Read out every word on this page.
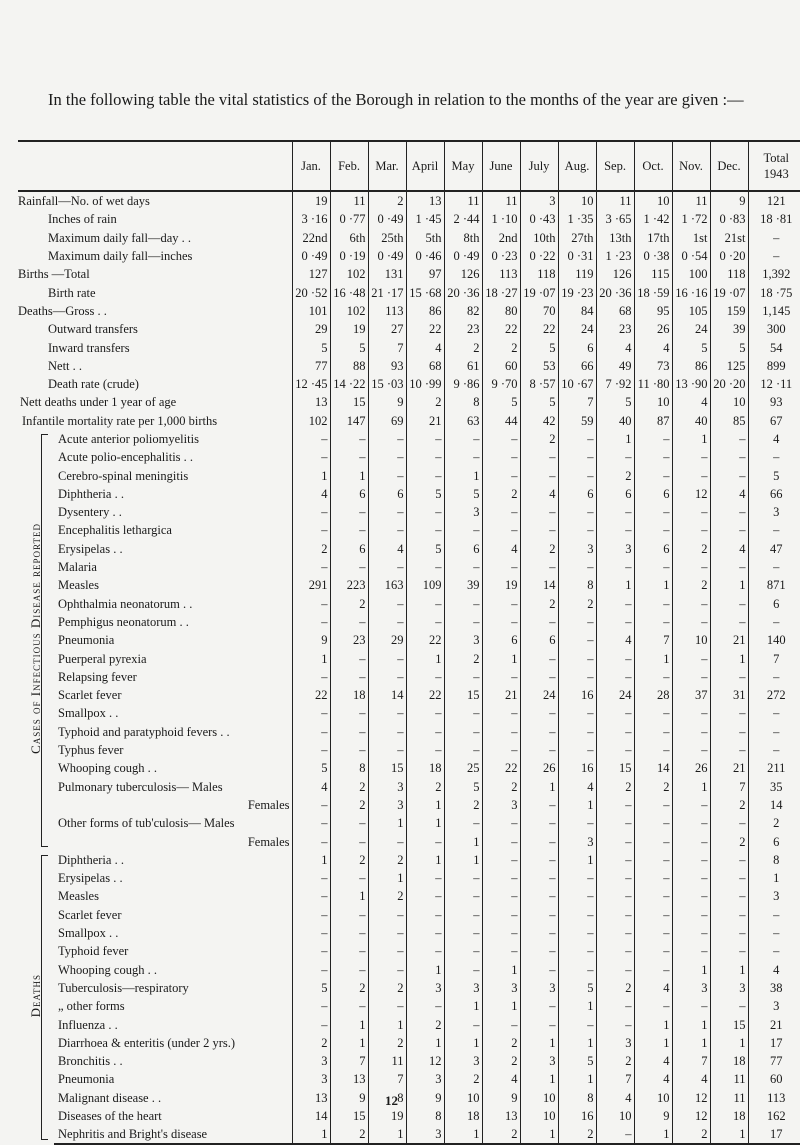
In the following table the vital statistics of the Borough in relation to the months of the year are given :—
		Jan.	Feb.	Mar.	April	May	June	July	Aug.	Sep.	Oct.	Nov.	Dec.	Total
1943

Rainfall—No. of wet days		19	11	2	13	11	11	3	10	11	10	11	9	121
Inches of rain		3 ·16	0 ·77	0 ·49	1 ·45	2 ·44	1 ·10	0 ·43	1 ·35	3 ·65	1 ·42	1 ·72	0 ·83	18 ·81
Maximum daily fall—day . .		22nd	6th	25th	5th	8th	2nd	10th	27th	13th	17th	1st	21st	–
Maximum daily fall—inches		0 ·49	0 ·19	0 ·49	0 ·46	0 ·49	0 ·23	0 ·22	0 ·31	1 ·23	0 ·38	0 ·54	0 ·20	–
Births —Total		127	102	131	97	126	113	118	119	126	115	100	118	1,392
Birth rate		20 ·52	16 ·48	21 ·17	15 ·68	20 ·36	18 ·27	19 ·07	19 ·23	20 ·36	18 ·59	16 ·16	19 ·07	18 ·75
Deaths—Gross . .		101	102	113	86	82	80	70	84	68	95	105	159	1,145
Outward transfers		29	19	27	22	23	22	22	24	23	26	24	39	300
Inward transfers		5	5	7	4	2	2	5	6	4	4	5	5	54
Nett . .		77	88	93	68	61	60	53	66	49	73	86	125	899
Death rate (crude)		12 ·45	14 ·22	15 ·03	10 ·99	9 ·86	9 ·70	8 ·57	10 ·67	7 ·92	11 ·80	13 ·90	20 ·20	12 ·11
Nett deaths under 1 year of age		13	15	9	2	8	5	5	7	5	10	4	10	93
Infantile mortality rate per 1,000 births		102	147	69	21	63	44	42	59	40	87	40	85	67

Cases of Infectious Disease reported	Acute anterior poliomyelitis	–	–	–	–	–	–	2	–	1	–	1	–	4
	Acute polio-encephalitis . .	–	–	–	–	–	–	–	–	–	–	–	–	–
	Cerebro-spinal meningitis	1	1	–	–	1	–	–	–	2	–	–	–	5
	Diphtheria . .	4	6	6	5	5	2	4	6	6	6	12	4	66
	Dysentery . .	–	–	–	–	3	–	–	–	–	–	–	–	3
	Encephalitis lethargica	–	–	–	–	–	–	–	–	–	–	–	–	–
	Erysipelas . .	2	6	4	5	6	4	2	3	3	6	2	4	47
	Malaria	–	–	–	–	–	–	–	–	–	–	–	–	–
	Measles	291	223	163	109	39	19	14	8	1	1	2	1	871
	Ophthalmia neonatorum . .	–	2	–	–	–	–	2	2	–	–	–	–	6
	Pemphigus neonatorum . .	–	–	–	–	–	–	–	–	–	–	–	–	–
	Pneumonia	9	23	29	22	3	6	6	–	4	7	10	21	140
	Puerperal pyrexia	1	–	–	1	2	1	–	–	–	1	–	1	7
	Relapsing fever	–	–	–	–	–	–	–	–	–	–	–	–	–
	Scarlet fever	22	18	14	22	15	21	24	16	24	28	37	31	272
	Smallpox . .	–	–	–	–	–	–	–	–	–	–	–	–	–
	Typhoid and paratyphoid fevers . .	–	–	–	–	–	–	–	–	–	–	–	–	–
	Typhus fever	–	–	–	–	–	–	–	–	–	–	–	–	–
	Whooping cough . .	5	8	15	18	25	22	26	16	15	14	26	21	211
	Pulmonary tuberculosis— Males	4	2	3	2	5	2	1	4	2	2	1	7	35
	Females	–	2	3	1	2	3	–	1	–	–	–	2	14
	Other forms of tub'culosis— Males	–	–	1	1	–	–	–	–	–	–	–	–	2
	Females	–	–	–	–	1	–	–	3	–	–	–	2	6

Deaths	Diphtheria . .	1	2	2	1	1	–	–	1	–	–	–	–	8
	Erysipelas . .	–	–	1	–	–	–	–	–	–	–	–	–	1
	Measles	–	1	2	–	–	–	–	–	–	–	–	–	3
	Scarlet fever	–	–	–	–	–	–	–	–	–	–	–	–	–
	Smallpox . .	–	–	–	–	–	–	–	–	–	–	–	–	–
	Typhoid fever	–	–	–	–	–	–	–	–	–	–	–	–	–
	Whooping cough . .	–	–	–	1	–	1	–	–	–	–	1	1	4
	Tuberculosis—respiratory	5	2	2	3	3	3	3	5	2	4	3	3	38
	„ other forms	–	–	–	–	1	1	–	1	–	–	–	–	3
	Influenza . .	–	1	1	2	–	–	–	–	–	1	1	15	21
	Diarrhoea & enteritis (under 2 yrs.)	2	1	2	1	1	2	1	1	3	1	1	1	17
	Bronchitis . .	3	7	11	12	3	2	3	5	2	4	7	18	77
	Pneumonia	3	13	7	3	2	4	1	1	7	4	4	11	60
	Malignant disease . .	13	9	8	9	10	9	10	8	4	10	12	11	113
	Diseases of the heart	14	15	19	8	18	13	10	16	10	9	12	18	162
	Nephritis and Bright's disease	1	2	1	3	1	2	1	2	–	1	2	1	17
12
